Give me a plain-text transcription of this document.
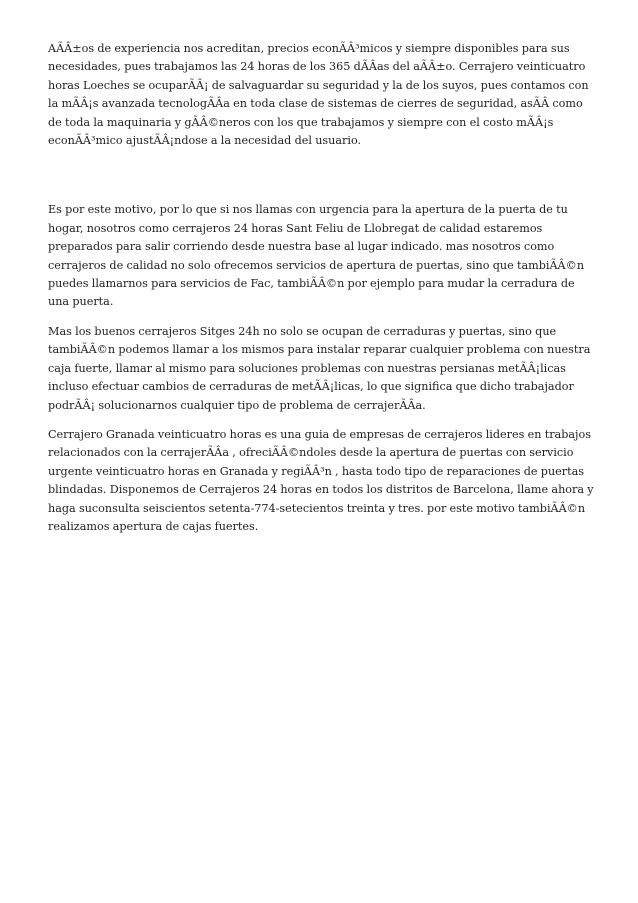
AÃÂ±os de experiencia nos acreditan, precios econÃÂ³micos y siempre disponibles para sus necesidades, pues trabajamos las 24 horas de los 365 dÃÂas del aÃÂ±o. Cerrajero veinticuatro horas Loeches se ocuparÃÂ¡ de salvaguardar su seguridad y la de los suyos, pues contamos con la mÃÂ¡s avanzada tecnologÃÂa en toda clase de sistemas de cierres de seguridad, asÃÂ como de toda la maquinaria y gÃÂ©neros con los que trabajamos y siempre con el costo mÃÂ¡s econÃÂ³mico ajustÃÂ¡ndose a la necesidad del usuario.

Es por este motivo, por lo que si nos llamas con urgencia para la apertura de la puerta de tu hogar, nosotros como cerrajeros 24 horas Sant Feliu de Llobregat de calidad estaremos preparados para salir corriendo desde nuestra base al lugar indicado. mas nosotros como cerrajeros de calidad no solo ofrecemos servicios de apertura de puertas, sino que tambiÃÂ©n puedes llamarnos para servicios de Fac, tambiÃÂ©n por ejemplo para mudar la cerradura de una puerta.

Mas los buenos cerrajeros Sitges 24h no solo se ocupan de cerraduras y puertas, sino que tambiÃÂ©n podemos llamar a los mismos para instalar reparar cualquier problema con nuestra caja fuerte, llamar al mismo para soluciones problemas con nuestras persianas metÃÂ¡licas incluso efectuar cambios de cerraduras de metÃÂ¡licas, lo que significa que dicho trabajador podrÃÂ¡ solucionarnos cualquier tipo de problema de cerrajerÃÂa.

Cerrajero Granada veinticuatro horas es una guia de empresas de cerrajeros lideres en trabajos relacionados con la cerrajerÃÂa , ofreciÃÂ©ndoles desde la apertura de puertas con servicio urgente veinticuatro horas en Granada y regiÃÂ³n , hasta todo tipo de reparaciones de puertas blindadas. Disponemos de Cerrajeros 24 horas en todos los distritos de Barcelona, llame ahora y haga suconsulta seiscientos setenta-774-setecientos treinta y tres. por este motivo tambiÃÂ©n realizamos apertura de cajas fuertes.
